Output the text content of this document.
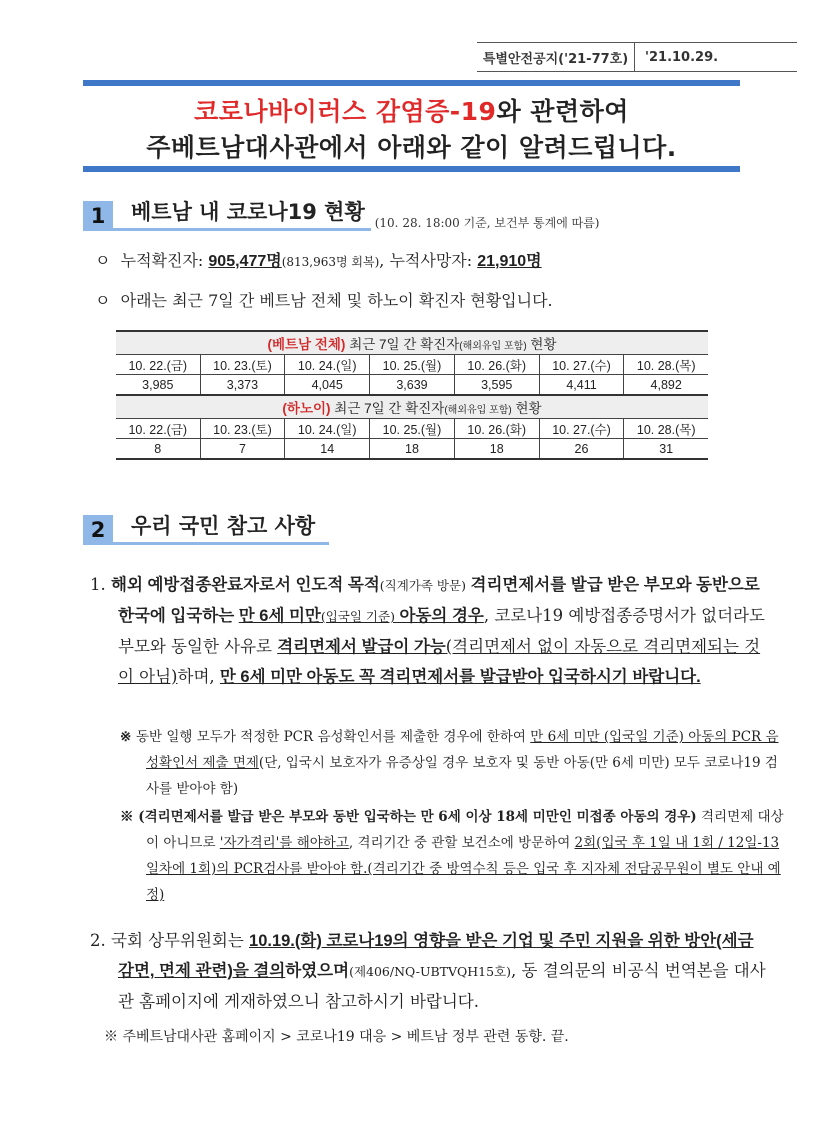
특별안전공지('21-77호)	'21.10.29.
코로나바이러스 감염증-19와 관련하여
주베트남대사관에서 아래와 같이 알려드립니다.
1	베트남 내 코로나19 현황 (10. 28. 18:00 기준, 보건부 통계에 따름)
ㅇ 누적확진자: 905,477명(813,963명 회복), 누적사망자: 21,910명
ㅇ 아래는 최근 7일 간 베트남 전체 및 하노이 확진자 현황입니다.
(베트남 전체) 최근 7일 간 확진자(해외유입 포함) 현황						
10. 22.(금)	10. 23.(토)	10. 24.(일)	10. 25.(월)	10. 26.(화)	10. 27.(수)	10. 28.(목)
3,985	3,373	4,045	3,639	3,595	4,411	4,892
(하노이) 최근 7일 간 확진자(해외유입 포함) 현황						
10. 22.(금)	10. 23.(토)	10. 24.(일)	10. 25.(월)	10. 26.(화)	10. 27.(수)	10. 28.(목)
8	7	14	18	18	26	31
2	우리 국민 참고 사항
1. 해외 예방접종완료자로서 인도적 목적(직계가족 방문) 격리면제서를 발급 받은 부모와 동반으로 한국에 입국하는 만 6세 미만(입국일 기준) 아동의 경우, 코로나19 예방접종증명서가 없더라도 부모와 동일한 사유로 격리면제서 발급이 가능(격리면제서 없이 자동으로 격리면제되는 것이 아님)하며, 만 6세 미만 아동도 꼭 격리면제서를 발급받아 입국하시기 바랍니다.
※ 동반 일행 모두가 적정한 PCR 음성확인서를 제출한 경우에 한하여 만 6세 미만 (입국일 기준) 아동의 PCR 음성확인서 제출 면제(단, 입국시 보호자가 유증상일 경우 보호자 및 동반 아동(만 6세 미만) 모두 코로나19 검사를 받아야 함)
※ (격리면제서를 발급 받은 부모와 동반 입국하는 만 6세 이상 18세 미만인 미접종 아동의 경우) 격리면제 대상이 아니므로 '자가격리'를 해야하고, 격리기간 중 관할 보건소에 방문하여 2회(입국 후 1일 내 1회 / 12일-13일차에 1회)의 PCR검사를 받아야 함.(격리기간 중 방역수칙 등은 입국 후 지자체 전담공무원이 별도 안내 예정)
2. 국회 상무위원회는 10.19.(화) 코로나19의 영향을 받은 기업 및 주민 지원을 위한 방안(세금 감면, 면제 관련)을 결의하였으며(제406/NQ-UBTVQH15호), 동 결의문의 비공식 번역본을 대사관 홈페이지에 게재하였으니 참고하시기 바랍니다.
※ 주베트남대사관 홈페이지 > 코로나19 대응 > 베트남 정부 관련 동향. 끝.
